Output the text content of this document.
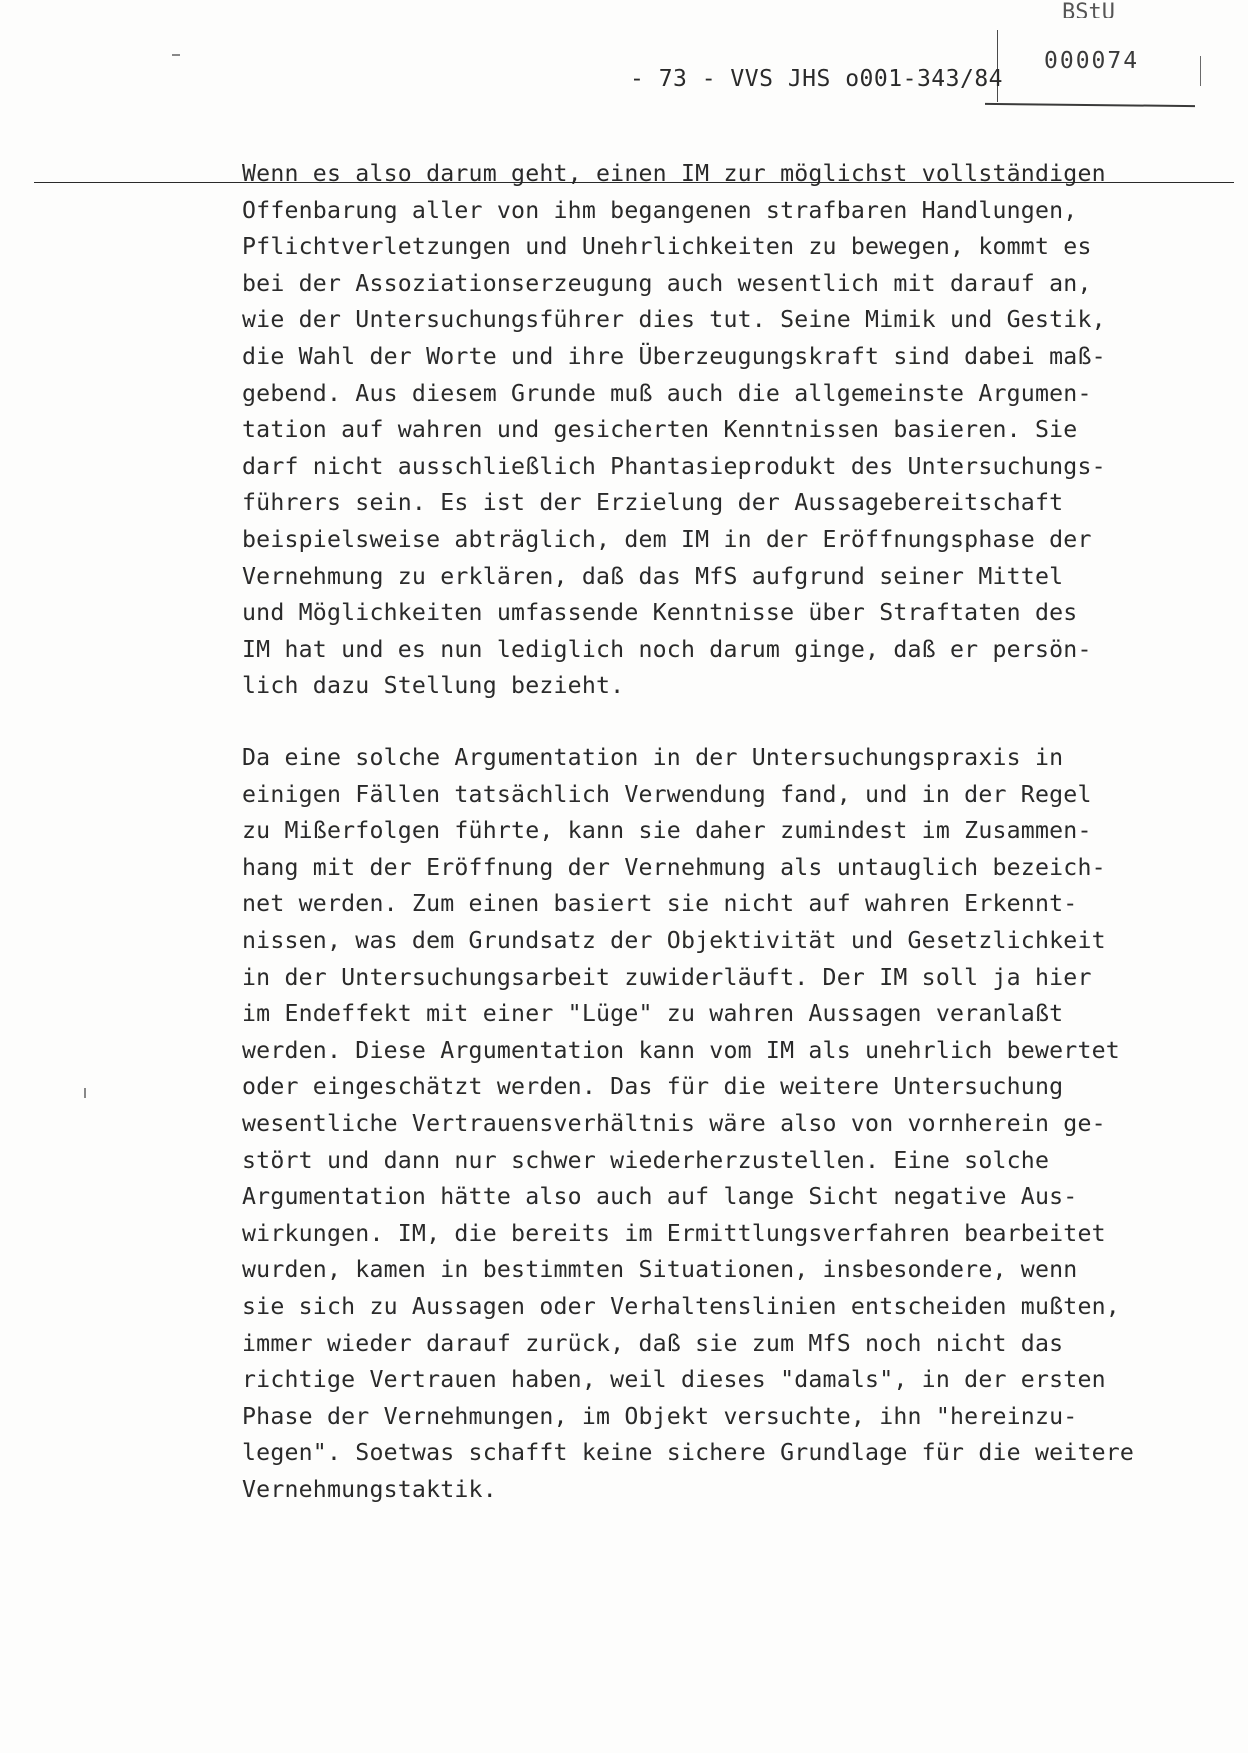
BStU
000074
- 73 - VVS JHS o001-343/84
Wenn es also darum geht, einen IM zur möglichst vollständigen
Offenbarung aller von ihm begangenen strafbaren Handlungen,
Pflichtverletzungen und Unehrlichkeiten zu bewegen, kommt es
bei der Assoziationserzeugung auch wesentlich mit darauf an,
wie der Untersuchungsführer dies tut. Seine Mimik und Gestik,
die Wahl der Worte und ihre Überzeugungskraft sind dabei maß-
gebend. Aus diesem Grunde muß auch die allgemeinste Argumen-
tation auf wahren und gesicherten Kenntnissen basieren. Sie
darf nicht ausschließlich Phantasieprodukt des Untersuchungs-
führers sein. Es ist der Erzielung der Aussagebereitschaft
beispielsweise abträglich, dem IM in der Eröffnungsphase der
Vernehmung zu erklären, daß das MfS aufgrund seiner Mittel
und Möglichkeiten umfassende Kenntnisse über Straftaten des
IM hat und es nun lediglich noch darum ginge, daß er persön-
lich dazu Stellung bezieht.
Da eine solche Argumentation in der Untersuchungspraxis in
einigen Fällen tatsächlich Verwendung fand, und in der Regel
zu Mißerfolgen führte, kann sie daher zumindest im Zusammen-
hang mit der Eröffnung der Vernehmung als untauglich bezeich-
net werden. Zum einen basiert sie nicht auf wahren Erkennt-
nissen, was dem Grundsatz der Objektivität und Gesetzlichkeit
in der Untersuchungsarbeit zuwiderläuft. Der IM soll ja hier
im Endeffekt mit einer "Lüge" zu wahren Aussagen veranlaßt
werden. Diese Argumentation kann vom IM als unehrlich bewertet
oder eingeschätzt werden. Das für die weitere Untersuchung
wesentliche Vertrauensverhältnis wäre also von vornherein ge-
stört und dann nur schwer wiederherzustellen. Eine solche
Argumentation hätte also auch auf lange Sicht negative Aus-
wirkungen. IM, die bereits im Ermittlungsverfahren bearbeitet
wurden, kamen in bestimmten Situationen, insbesondere, wenn
sie sich zu Aussagen oder Verhaltenslinien entscheiden mußten,
immer wieder darauf zurück, daß sie zum MfS noch nicht das
richtige Vertrauen haben, weil dieses "damals", in der ersten
Phase der Vernehmungen, im Objekt versuchte, ihn "hereinzu-
legen". Soetwas schafft keine sichere Grundlage für die weitere
Vernehmungstaktik.
